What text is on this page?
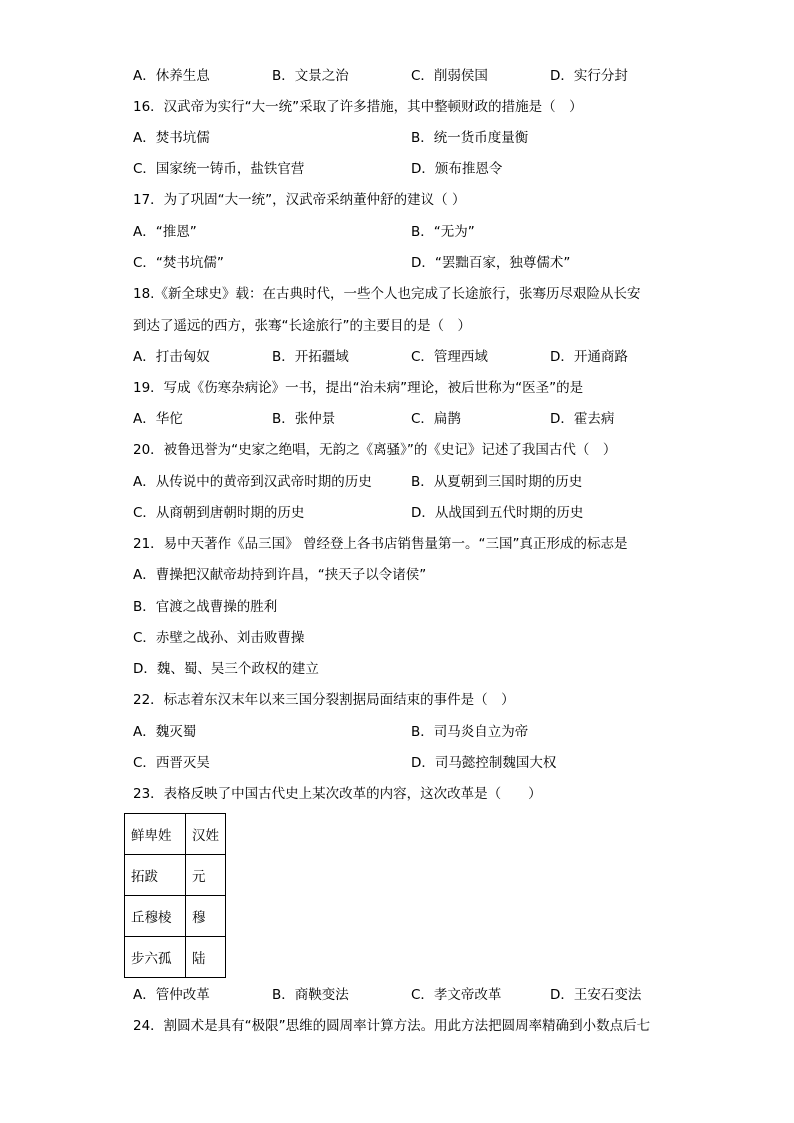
A．休养生息	B．文景之治	C．削弱侯国	D．实行分封
16．汉武帝为实行“大一统”采取了许多措施，其中整顿财政的措施是（　）
A．焚书坑儒	B．统一货币度量衡
C．国家统一铸币，盐铁官营	D．颁布推恩令
17．为了巩固“大一统”，汉武帝采纳董仲舒的建议（ ）
A．“推恩”	B．“无为”
C．“焚书坑儒”	D．“罢黜百家，独尊儒术”
18.《新全球史》载：在古典时代，一些个人也完成了长途旅行，张骞历尽艰险从长安
到达了遥远的西方，张骞“长途旅行”的主要目的是（　）
A．打击匈奴	B．开拓疆域	C．管理西域	D．开通商路
19．写成《伤寒杂病论》一书，提出“治未病”理论，被后世称为“医圣”的是
A．华佗	B．张仲景	C．扁鹊	D．霍去病
20．被鲁迅誉为“史家之绝唱，无韵之《离骚》”的《史记》记述了我国古代（　）
A．从传说中的黄帝到汉武帝时期的历史	B．从夏朝到三国时期的历史
C．从商朝到唐朝时期的历史	D．从战国到五代时期的历史
21．易中天著作《品三国》 曾经登上各书店销售量第一。“三国”真正形成的标志是
A．曹操把汉献帝劫持到许昌，“挟天子以令诸侯”
B．官渡之战曹操的胜利
C．赤壁之战孙、刘击败曹操
D．魏、蜀、吴三个政权的建立
22．标志着东汉末年以来三国分裂割据局面结束的事件是（　）
A．魏灭蜀	B．司马炎自立为帝
C．西晋灭吴	D．司马懿控制魏国大权
23．表格反映了中国古代史上某次改革的内容，这次改革是（　　）
鲜卑姓	汉姓
拓跋	元
丘穆棱	穆
步六孤	陆
A．管仲改革	B．商鞅变法	C．孝文帝改革	D．王安石变法
24．割圆术是具有“极限”思维的圆周率计算方法。用此方法把圆周率精确到小数点后七
